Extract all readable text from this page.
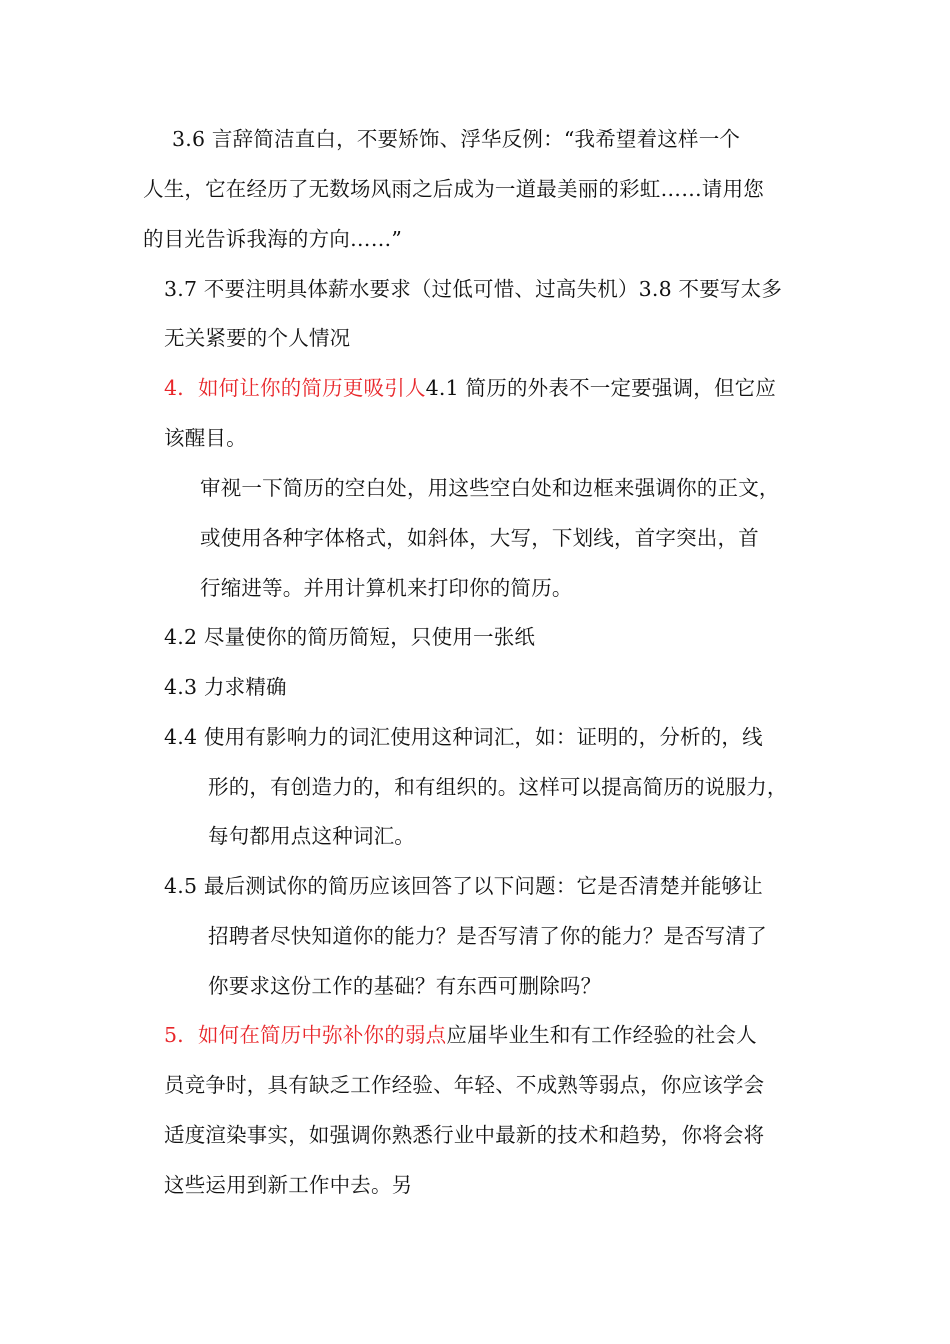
3.6 言辞简洁直白，不要矫饰、浮华反例：“我希望着这样一个
人生，它在经历了无数场风雨之后成为一道最美丽的彩虹……请用您
的目光告诉我海的方向……”
3.7 不要注明具体薪水要求（过低可惜、过高失机）3.8 不要写太多
无关紧要的个人情况
4．如何让你的简历更吸引人4.1 简历的外表不一定要强调，但它应
该醒目。
审视一下简历的空白处，用这些空白处和边框来强调你的正文，
或使用各种字体格式，如斜体，大写，下划线，首字突出，首
行缩进等。并用计算机来打印你的简历。
4.2 尽量使你的简历简短，只使用一张纸
4.3 力求精确
4.4 使用有影响力的词汇使用这种词汇，如：证明的，分析的，线
形的，有创造力的，和有组织的。这样可以提高简历的说服力，
每句都用点这种词汇。
4.5 最后测试你的简历应该回答了以下问题：它是否清楚并能够让
招聘者尽快知道你的能力？是否写清了你的能力？是否写清了
你要求这份工作的基础？有东西可删除吗？
5．如何在简历中弥补你的弱点应届毕业生和有工作经验的社会人
员竞争时，具有缺乏工作经验、年轻、不成熟等弱点，你应该学会
适度渲染事实，如强调你熟悉行业中最新的技术和趋势，你将会将
这些运用到新工作中去。另
